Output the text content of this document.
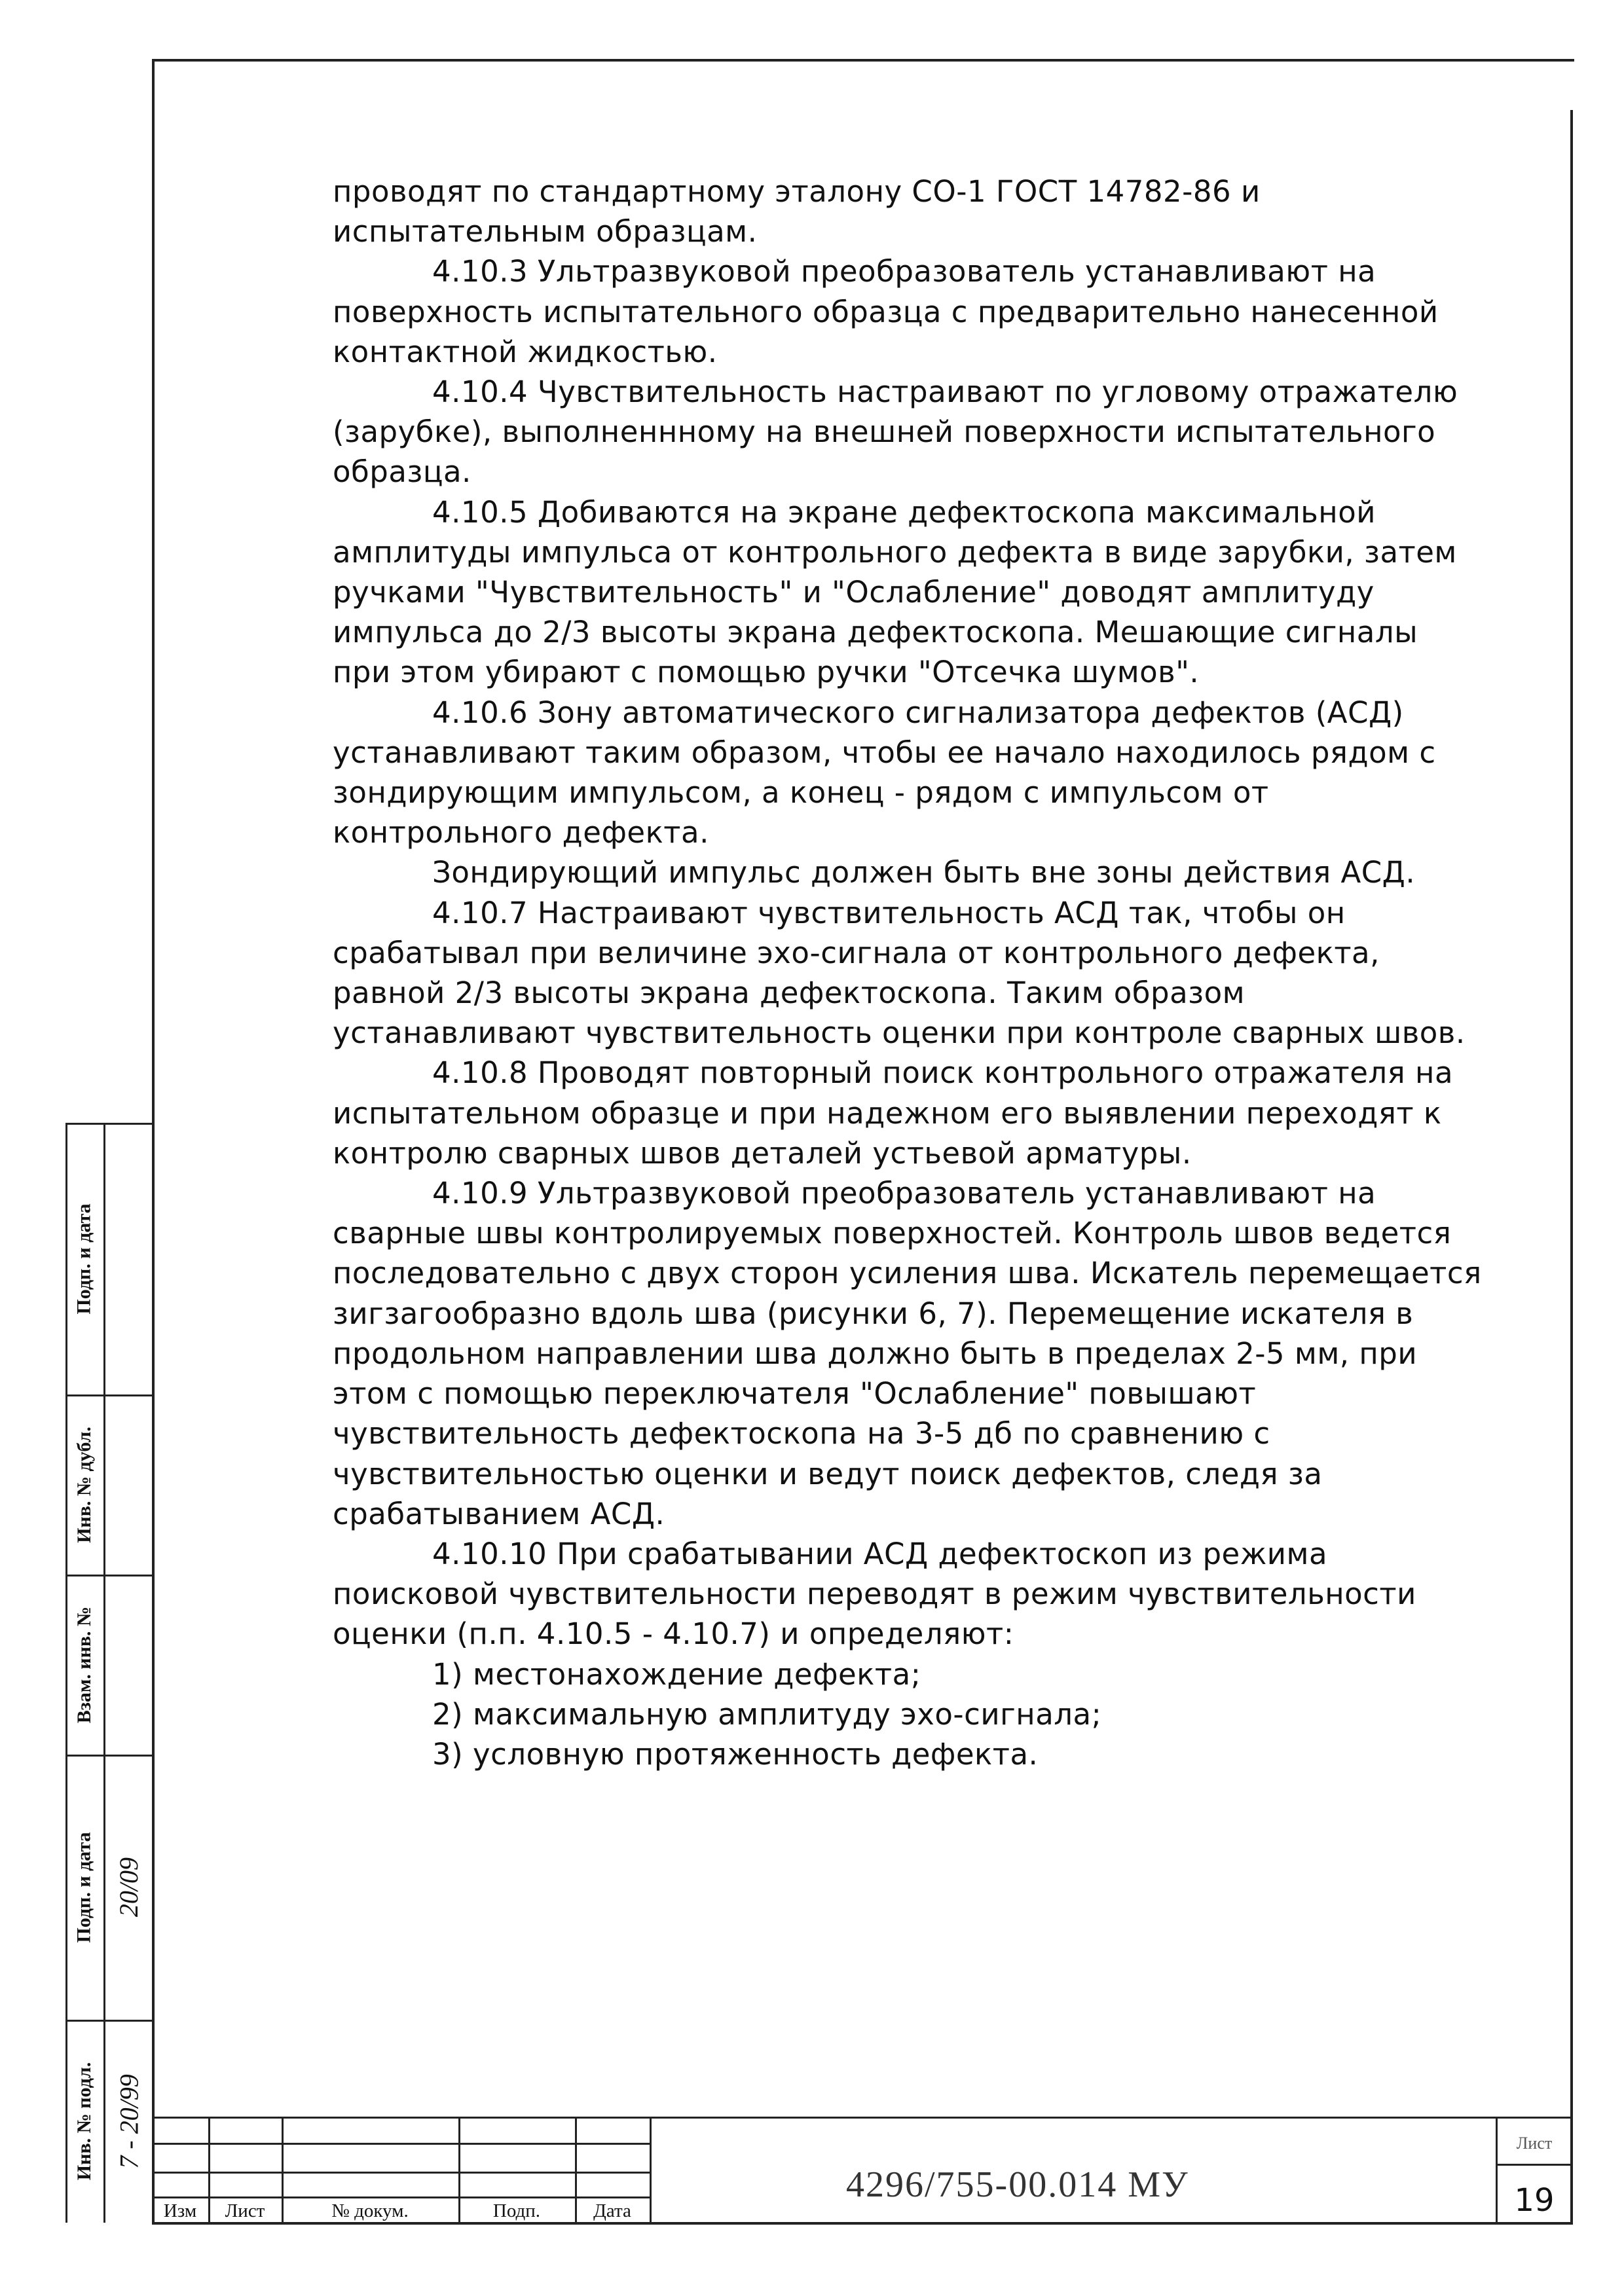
проводят по стандартному эталону СО-1 ГОСТ 14782-86 и испытательным образцам.

4.10.3 Ультразвуковой преобразователь устанавливают на поверхность испытательного образца с предварительно нанесенной контактной жидкостью.

4.10.4 Чувствительность настраивают по угловому отражателю (зарубке), выполненнному на внешней поверхности испытательного образца.

4.10.5 Добиваются на экране дефектоскопа максимальной амплитуды импульса от контрольного дефекта в виде зарубки, затем ручками "Чувствительность" и "Ослабление" доводят амплитуду импульса до 2/3 высоты экрана дефектоскопа. Мешающие сигналы при этом убирают с помощью ручки "Отсечка шумов".

4.10.6 Зону автоматического сигнализатора дефектов (АСД) устанавливают таким образом, чтобы ее начало находилось рядом с зондирующим импульсом, а конец - рядом с импульсом от контрольного дефекта.

Зондирующий импульс должен быть вне зоны действия АСД.

4.10.7 Настраивают чувствительность АСД так, чтобы он срабатывал при величине эхо-сигнала от контрольного дефекта, равной 2/3 высоты экрана дефектоскопа. Таким образом устанавливают чувствительность оценки при контроле сварных швов.

4.10.8 Проводят повторный поиск контрольного отражателя на испытательном образце и при надежном его выявлении переходят к контролю сварных швов деталей устьевой арматуры.

4.10.9 Ультразвуковой преобразователь устанавливают на сварные швы контролируемых поверхностей. Контроль швов ведется последовательно с двух сторон усиления шва. Искатель перемещается зигзагообразно вдоль шва (рисунки 6, 7). Перемещение искателя в продольном направлении шва должно быть в пределах 2-5 мм, при этом с помощью переключателя "Ослабление" повышают чувствительность дефектоскопа на 3-5 дб по сравнению с чувствительностью оценки и ведут поиск дефектов, следя за срабатыванием АСД.

4.10.10 При срабатывании АСД дефектоскоп из режима поисковой чувствительности переводят в режим чувствительности оценки (п.п. 4.10.5 - 4.10.7) и определяют:

1) местонахождение дефекта;

2) максимальную амплитуду эхо-сигнала;

3) условную протяженность дефекта.

Подп. и дата
Инв. № дубл.
Взам. инв. №
Подп. и дата
Инв. № подл.
20/09
7 - 20/99
Изм	Лист	№ докум.	Подп.	Дата
4296/755-00.014 МУ
Лист
19
